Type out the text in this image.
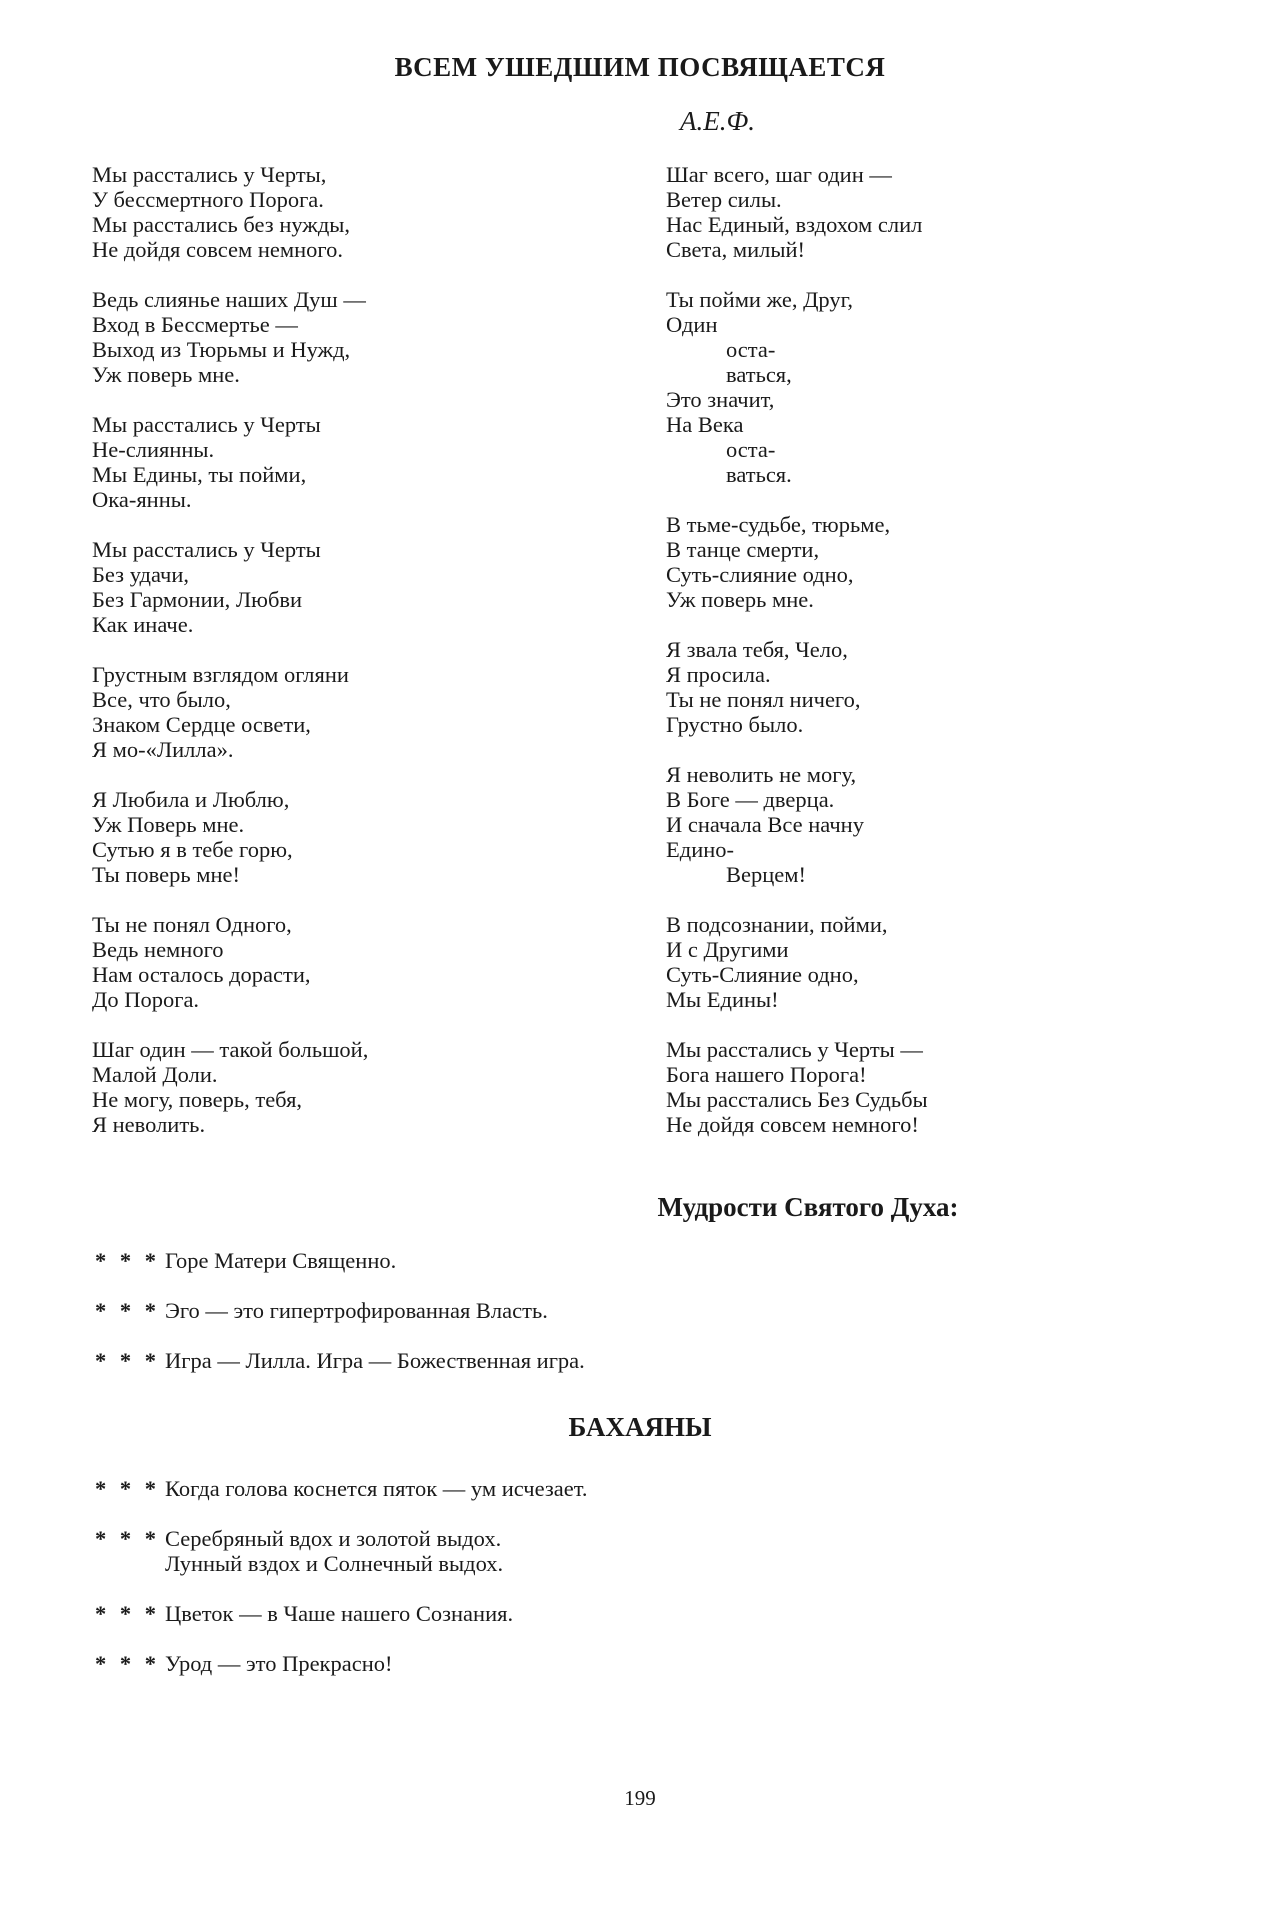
ВСЕМ УШЕДШИМ ПОСВЯЩАЕТСЯ
А.Е.Ф.
Мы расстались у Черты,
У бессмертного Порога.
Мы расстались без нужды,
Не дойдя совсем немного.
Ведь слиянье наших Душ —
Вход в Бессмертье —
Выход из Тюрьмы и Нужд,
Уж поверь мне.
Мы расстались у Черты
Не-слиянны.
Мы Едины, ты пойми,
Ока-янны.
Мы расстались у Черты
Без удачи,
Без Гармонии, Любви
Как иначе.
Грустным взглядом огляни
Все, что было,
Знаком Сердце освети,
Я мо-«Лилла».
Я Любила и Люблю,
Уж Поверь мне.
Сутью я в тебе горю,
Ты поверь мне!
Ты не понял Одного,
Ведь немного
Нам осталось дорасти,
До Порога.
Шаг один — такой большой,
Малой Доли.
Не могу, поверь, тебя,
Я неволить.
Шаг всего, шаг один —
Ветер силы.
Нас Единый, вздохом слил
Света, милый!
Ты пойми же, Друг,
Один
оста-
ваться,
Это значит,
На Века
оста-
ваться.
В тьме-судьбе, тюрьме,
В танце смерти,
Суть-слияние одно,
Уж поверь мне.
Я звала тебя, Чело,
Я просила.
Ты не понял ничего,
Грустно было.
Я неволить не могу,
В Боге — дверца.
И сначала Все начну
Едино-
Верцем!
В подсознании, пойми,
И с Другими
Суть-Слияние одно,
Мы Едины!
Мы расстались у Черты —
Бога нашего Порога!
Мы расстались Без Судьбы
Не дойдя совсем немного!
Мудрости Святого Духа:
* * * Горе Матери Священно.
* * * Эго — это гипертрофированная Власть.
* * * Игра — Лилла. Игра — Божественная игра.
БАХАЯНЫ
* * * Когда голова коснется пяток — ум исчезает.
* * * Серебряный вдох и золотой выдох.
Лунный вздох и Солнечный выдох.
* * * Цветок — в Чаше нашего Сознания.
* * * Урод — это Прекрасно!
199
